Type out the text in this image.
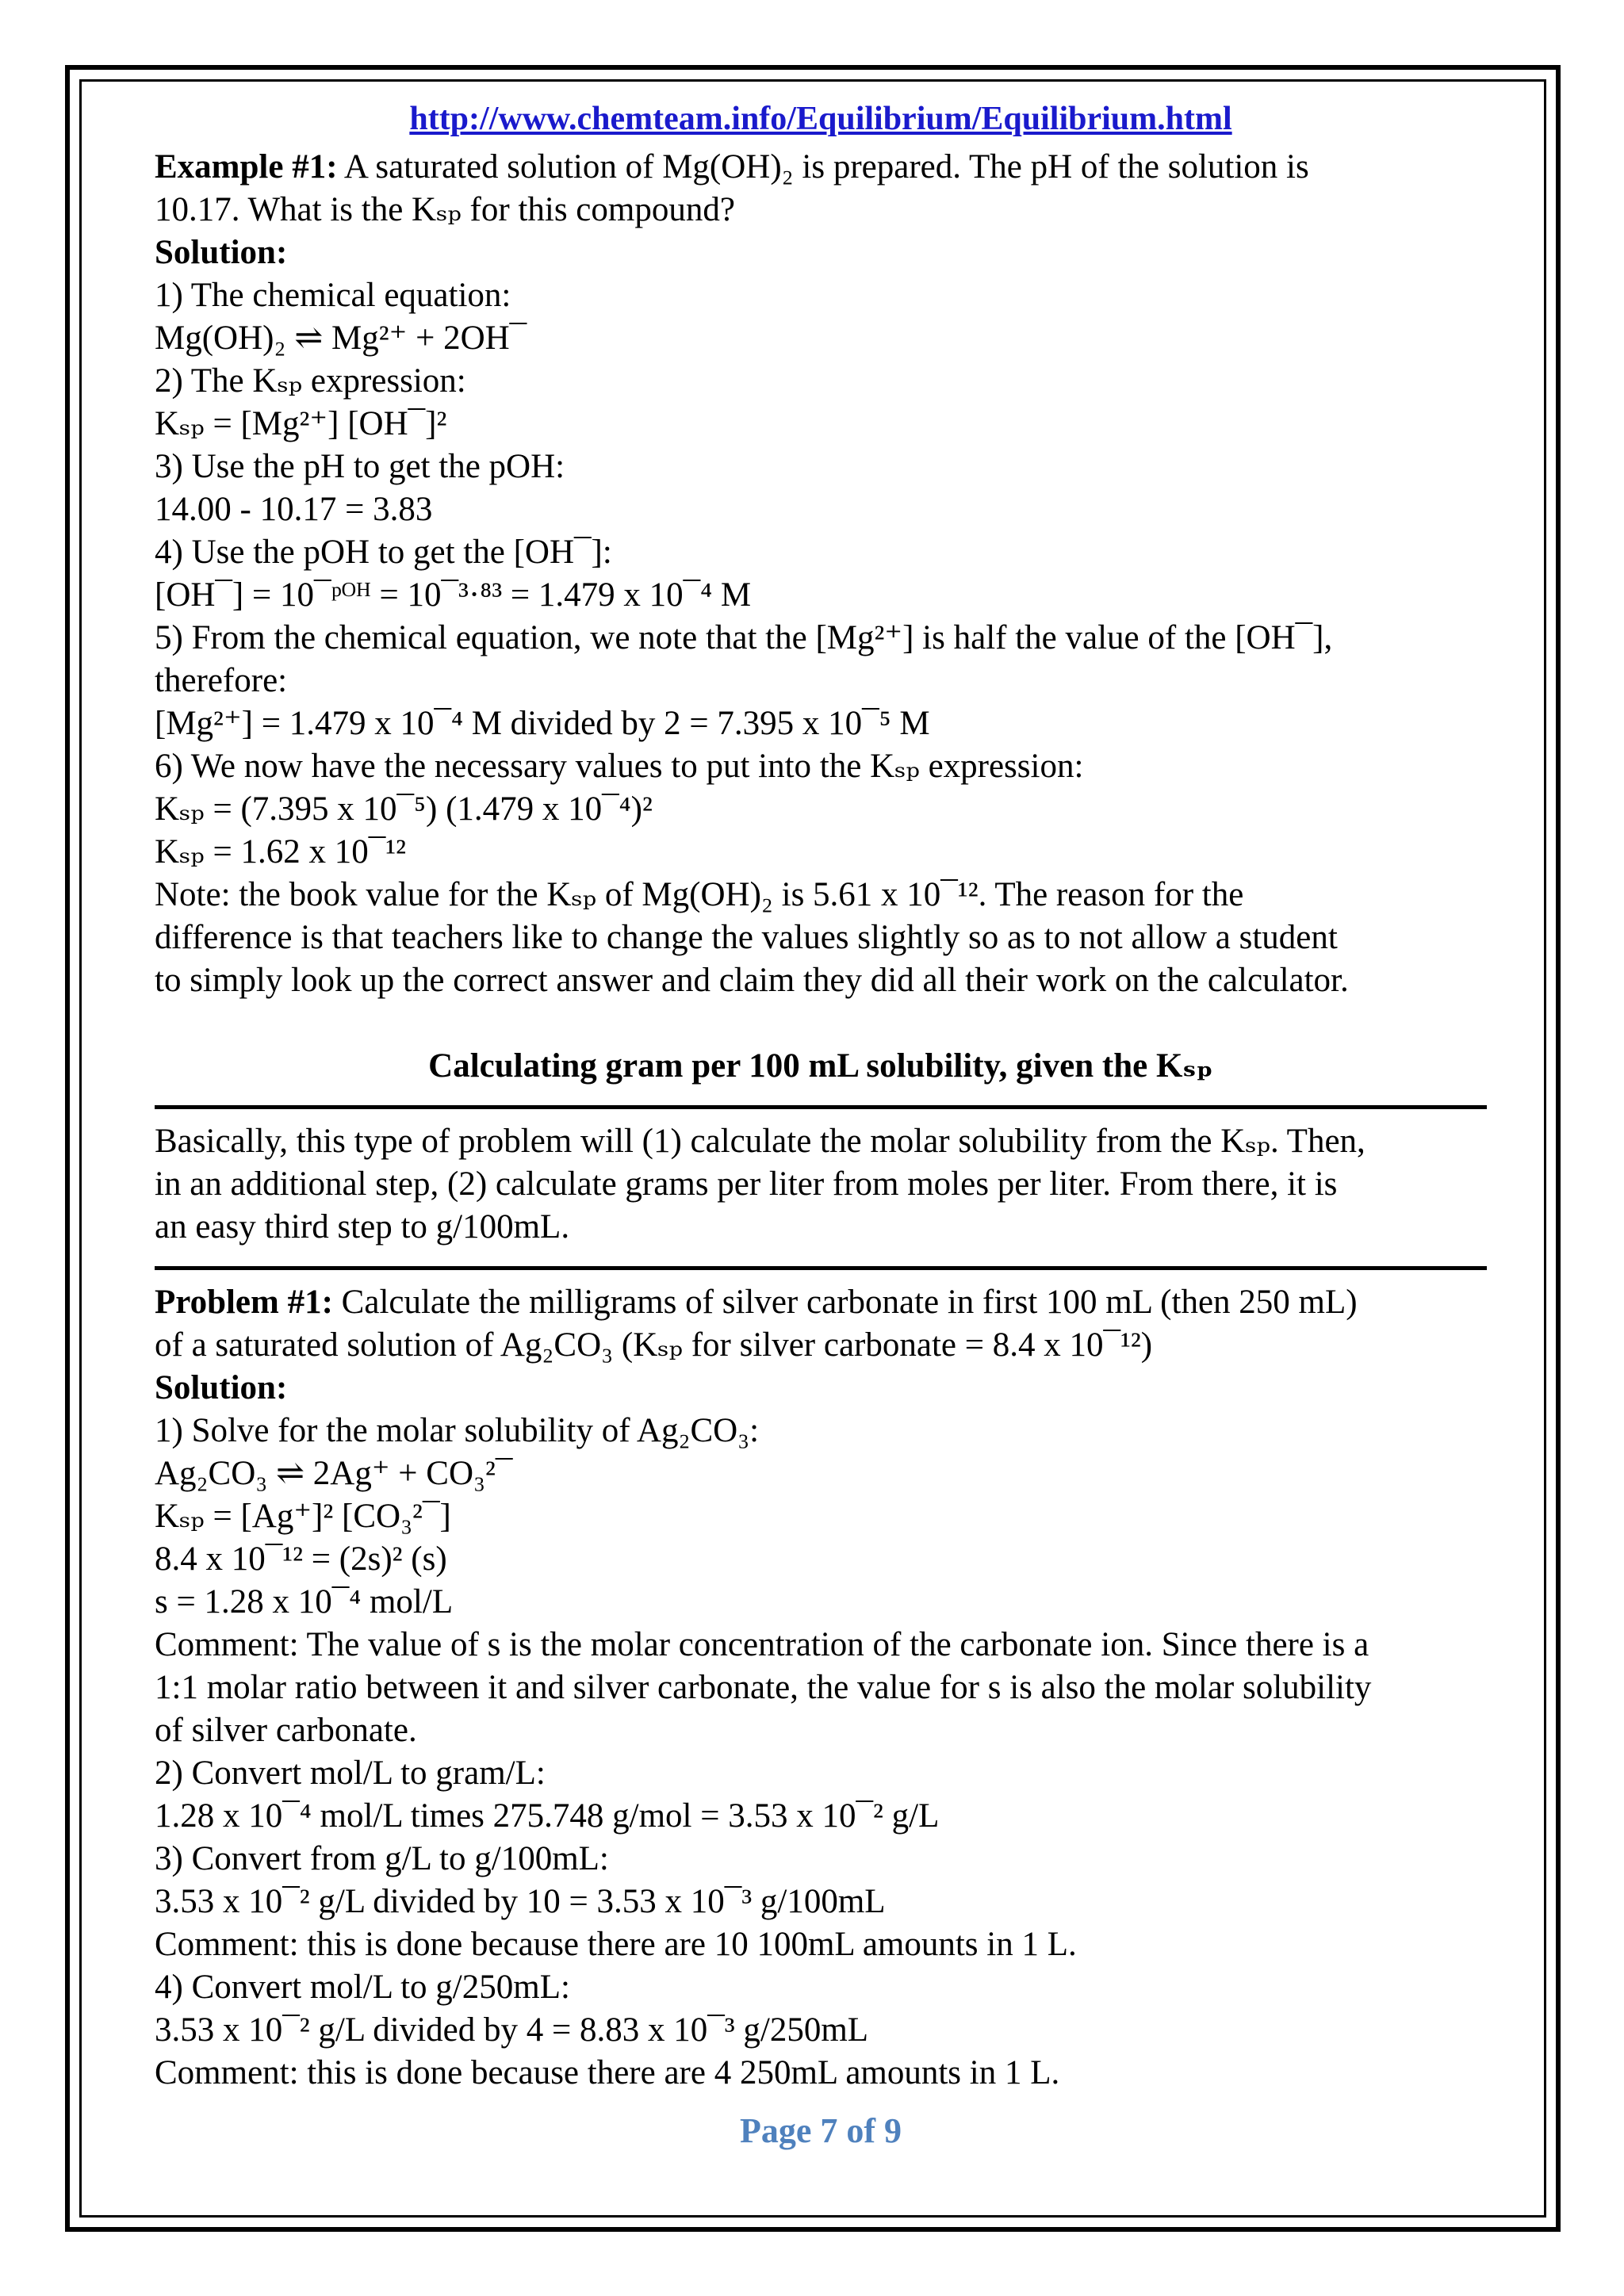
http://www.chemteam.info/Equilibrium/Equilibrium.html
Example #1: A saturated solution of Mg(OH)₂ is prepared. The pH of the solution is
10.17. What is the Kₛₚ for this compound?
Solution:
1) The chemical equation:
Mg(OH)₂ ⇌ Mg²⁺ + 2OH¯
2) The Kₛₚ expression:
Kₛₚ = [Mg²⁺] [OH¯]²
3) Use the pH to get the pOH:
14.00 - 10.17 = 3.83
4) Use the pOH to get the [OH¯]:
[OH¯] = 10¯ᵖᴼᴴ = 10¯³·⁸³ = 1.479 x 10¯⁴ M
5) From the chemical equation, we note that the [Mg²⁺] is half the value of the [OH¯],
therefore:
[Mg²⁺] = 1.479 x 10¯⁴ M divided by 2 = 7.395 x 10¯⁵ M
6) We now have the necessary values to put into the Kₛₚ expression:
Kₛₚ = (7.395 x 10¯⁵) (1.479 x 10¯⁴)²
Kₛₚ = 1.62 x 10¯¹²
Note: the book value for the Kₛₚ of Mg(OH)₂ is 5.61 x 10¯¹². The reason for the
difference is that teachers like to change the values slightly so as to not allow a student
to simply look up the correct answer and claim they did all their work on the calculator.
Calculating gram per 100 mL solubility, given the Kₛₚ
Basically, this type of problem will (1) calculate the molar solubility from the Kₛₚ. Then,
in an additional step, (2) calculate grams per liter from moles per liter. From there, it is
an easy third step to g/100mL.
Problem #1: Calculate the milligrams of silver carbonate in first 100 mL (then 250 mL)
of a saturated solution of Ag₂CO₃ (Kₛₚ for silver carbonate = 8.4 x 10¯¹²)
Solution:
1) Solve for the molar solubility of Ag₂CO₃:
Ag₂CO₃ ⇌ 2Ag⁺ + CO₃²¯
Kₛₚ = [Ag⁺]² [CO₃²¯]
8.4 x 10¯¹² = (2s)² (s)
s = 1.28 x 10¯⁴ mol/L
Comment: The value of s is the molar concentration of the carbonate ion. Since there is a
1:1 molar ratio between it and silver carbonate, the value for s is also the molar solubility
of silver carbonate.
2) Convert mol/L to gram/L:
1.28 x 10¯⁴ mol/L times 275.748 g/mol = 3.53 x 10¯² g/L
3) Convert from g/L to g/100mL:
3.53 x 10¯² g/L divided by 10 = 3.53 x 10¯³ g/100mL
Comment: this is done because there are 10 100mL amounts in 1 L.
4) Convert mol/L to g/250mL:
3.53 x 10¯² g/L divided by 4 = 8.83 x 10¯³ g/250mL
Comment: this is done because there are 4 250mL amounts in 1 L.
Page 7 of 9
